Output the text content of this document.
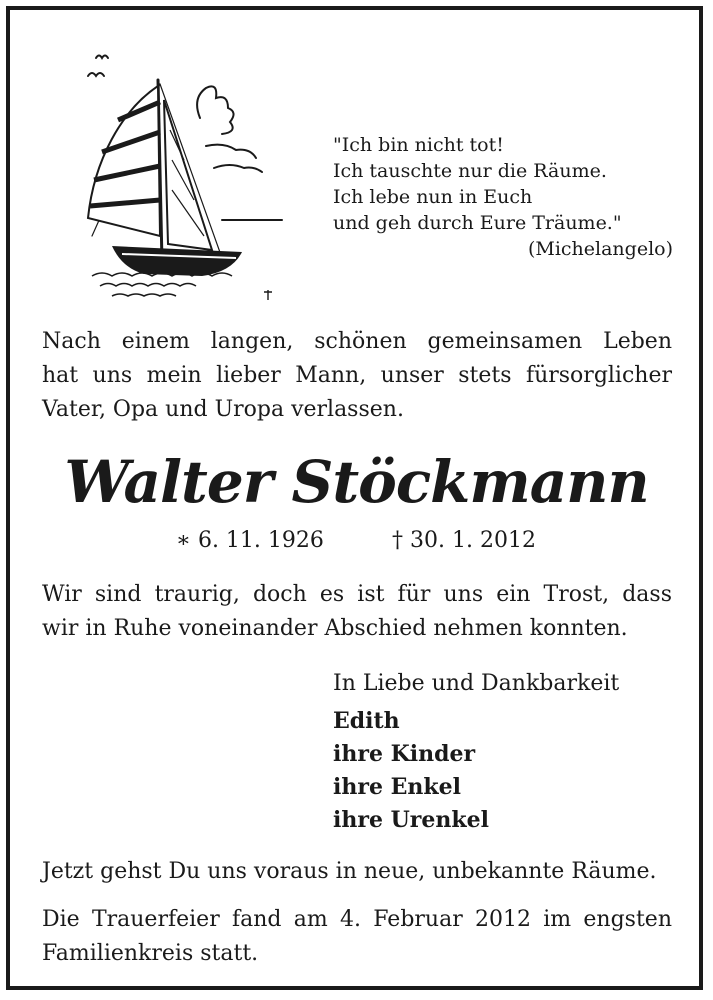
"Ich bin nicht tot!
Ich tauschte nur die Räume.
Ich lebe nun in Euch
und geh durch Eure Träume."
(Michelangelo)
Nach einem langen, schönen gemeinsamen Leben
hat uns mein lieber Mann, unser stets fürsorglicher
Vater, Opa und Uropa verlassen.
Walter Stöckmann
∗ 6. 11. 1926	† 30. 1. 2012
Wir sind traurig, doch es ist für uns ein Trost, dass
wir in Ruhe voneinander Abschied nehmen konnten.
In Liebe und Dankbarkeit
Edith
ihre Kinder
ihre Enkel
ihre Urenkel
Jetzt gehst Du uns voraus in neue, unbekannte Räume.
Die Trauerfeier fand am 4. Februar 2012 im engsten
Familienkreis statt.
